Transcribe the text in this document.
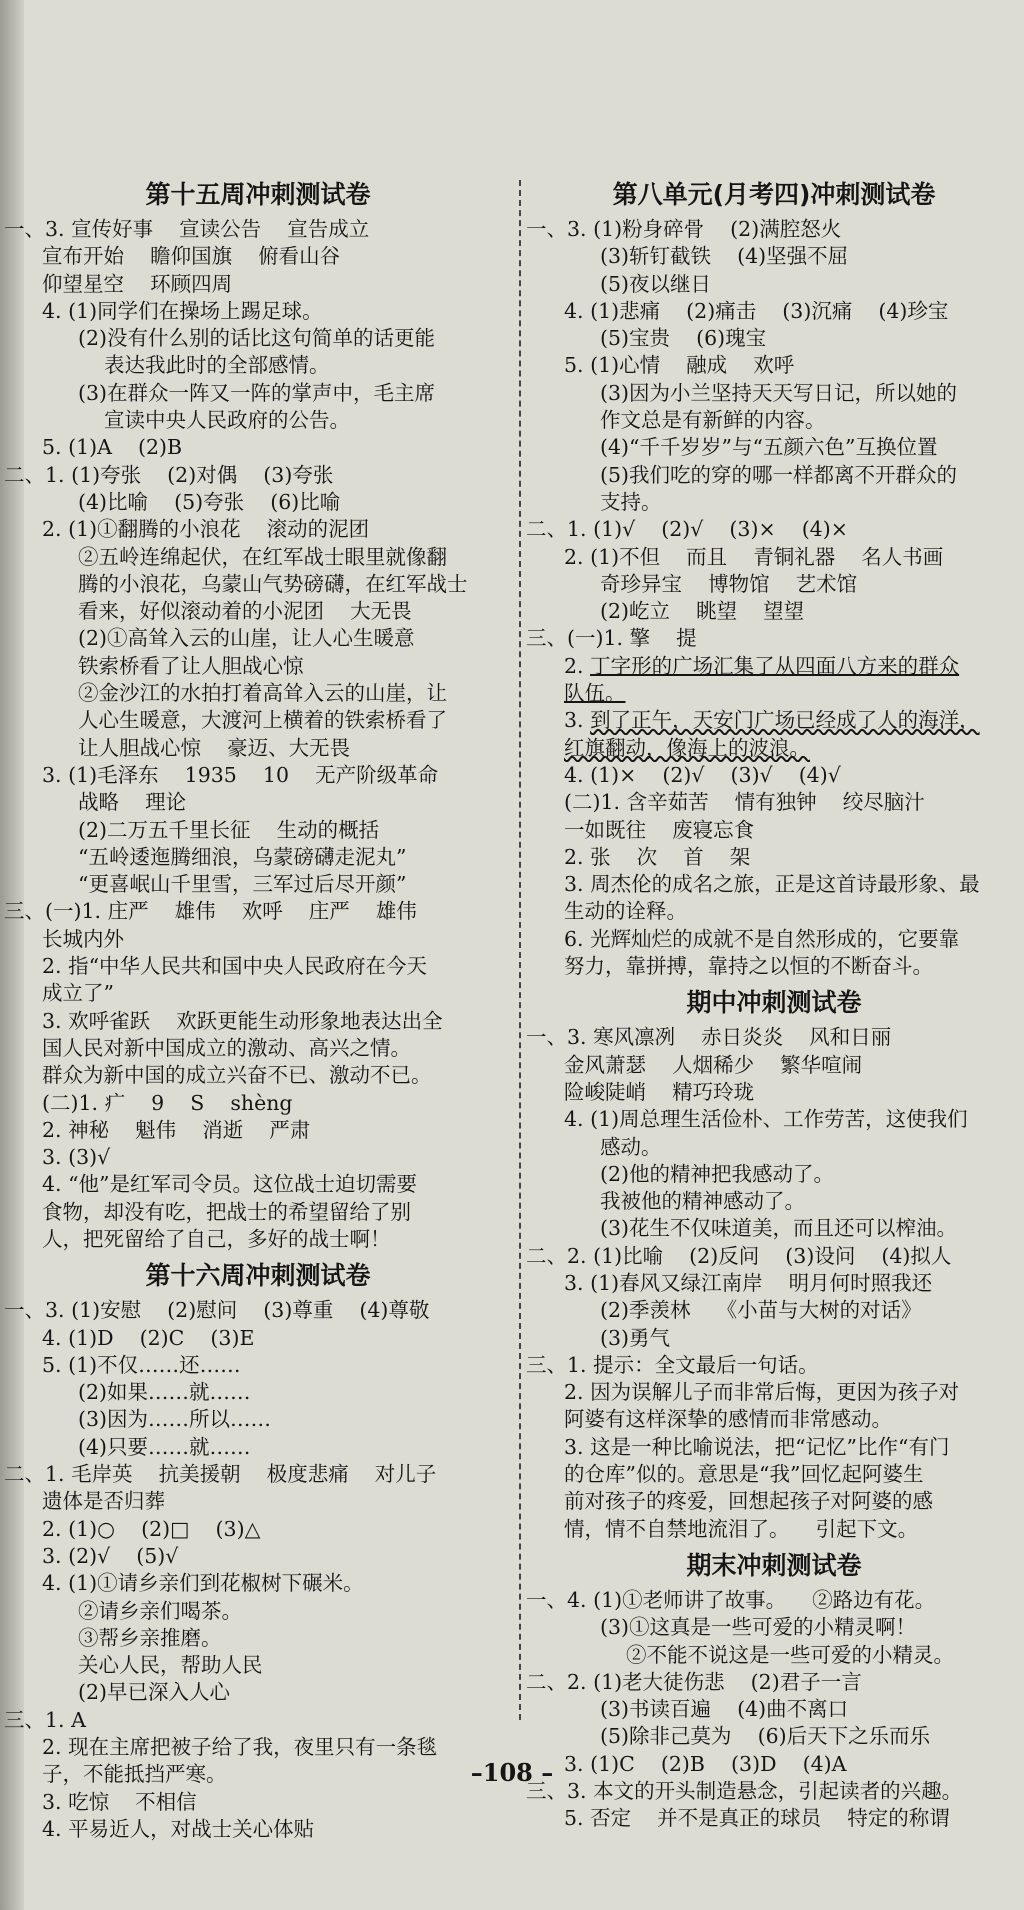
第十五周冲刺测试卷
一、3. 宣传好事    宣读公告    宣告成立
宣布开始    瞻仰国旗    俯看山谷
仰望星空    环顾四周
4. (1)同学们在操场上踢足球。
(2)没有什么别的话比这句简单的话更能
表达我此时的全部感情。
(3)在群众一阵又一阵的掌声中，毛主席
宣读中央人民政府的公告。
5. (1)A    (2)B
二、1. (1)夸张    (2)对偶    (3)夸张
(4)比喻    (5)夸张    (6)比喻
2. (1)①翻腾的小浪花    滚动的泥团
②五岭连绵起伏，在红军战士眼里就像翻
腾的小浪花，乌蒙山气势磅礴，在红军战士
看来，好似滚动着的小泥团    大无畏
(2)①高耸入云的山崖，让人心生暖意
铁索桥看了让人胆战心惊
②金沙江的水拍打着高耸入云的山崖，让
人心生暖意，大渡河上横着的铁索桥看了
让人胆战心惊    豪迈、大无畏
3. (1)毛泽东    1935    10    无产阶级革命
战略    理论
(2)二万五千里长征    生动的概括
“五岭逶迤腾细浪，乌蒙磅礴走泥丸”
“更喜岷山千里雪，三军过后尽开颜”
三、(一)1. 庄严    雄伟    欢呼    庄严    雄伟
长城内外
2. 指“中华人民共和国中央人民政府在今天
成立了”
3. 欢呼雀跃    欢跃更能生动形象地表达出全
国人民对新中国成立的激动、高兴之情。
群众为新中国的成立兴奋不已、激动不已。
(二)1. 疒    9    S    shèng
2. 神秘    魁伟    消逝    严肃
3. (3)√
4. “他”是红军司令员。这位战士迫切需要
食物，却没有吃，把战士的希望留给了别
人，把死留给了自己，多好的战士啊！
第十六周冲刺测试卷
一、3. (1)安慰    (2)慰问    (3)尊重    (4)尊敬
4. (1)D    (2)C    (3)E
5. (1)不仅……还……
(2)如果……就……
(3)因为……所以……
(4)只要……就……
二、1. 毛岸英    抗美援朝    极度悲痛    对儿子
遗体是否归葬
2. (1)○    (2)□    (3)△
3. (2)√    (5)√
4. (1)①请乡亲们到花椒树下碾米。
②请乡亲们喝茶。
③帮乡亲推磨。
关心人民，帮助人民
(2)早已深入人心
三、1. A
2. 现在主席把被子给了我，夜里只有一条毯
子，不能抵挡严寒。
3. 吃惊    不相信
4. 平易近人，对战士关心体贴
第八单元(月考四)冲刺测试卷
一、3. (1)粉身碎骨    (2)满腔怒火
(3)斩钉截铁    (4)坚强不屈
(5)夜以继日
4. (1)悲痛    (2)痛击    (3)沉痛    (4)珍宝
(5)宝贵    (6)瑰宝
5. (1)心情    融成    欢呼
(3)因为小兰坚持天天写日记，所以她的
作文总是有新鲜的内容。
(4)“千千岁岁”与“五颜六色”互换位置
(5)我们吃的穿的哪一样都离不开群众的
支持。
二、1. (1)√    (2)√    (3)×    (4)×
2. (1)不但    而且    青铜礼器    名人书画
奇珍异宝    博物馆    艺术馆
(2)屹立    眺望    望望
三、(一)1. 擎    提
2. 丁字形的广场汇集了从四面八方来的群众
队伍。
3. 到了正午，天安门广场已经成了人的海洋，
红旗翻动，像海上的波浪。
4. (1)×    (2)√    (3)√    (4)√
(二)1. 含辛茹苦    情有独钟    绞尽脑汁
一如既往    废寝忘食
2. 张    次    首    架
3. 周杰伦的成名之旅，正是这首诗最形象、最
生动的诠释。
6. 光辉灿烂的成就不是自然形成的，它要靠
努力，靠拼搏，靠持之以恒的不断奋斗。
期中冲刺测试卷
一、3. 寒风凛冽    赤日炎炎    风和日丽
金风萧瑟    人烟稀少    繁华喧闹
险峻陡峭    精巧玲珑
4. (1)周总理生活俭朴、工作劳苦，这使我们
感动。
(2)他的精神把我感动了。
我被他的精神感动了。
(3)花生不仅味道美，而且还可以榨油。
二、2. (1)比喻    (2)反问    (3)设问    (4)拟人
3. (1)春风又绿江南岸    明月何时照我还
(2)季羡林    《小苗与大树的对话》
(3)勇气
三、1. 提示：全文最后一句话。
2. 因为误解儿子而非常后悔，更因为孩子对
阿婆有这样深挚的感情而非常感动。
3. 这是一种比喻说法，把“记忆”比作“有门
的仓库”似的。意思是“我”回忆起阿婆生
前对孩子的疼爱，回想起孩子对阿婆的感
情，情不自禁地流泪了。    引起下文。
期末冲刺测试卷
一、4. (1)①老师讲了故事。    ②路边有花。
(3)①这真是一些可爱的小精灵啊！
②不能不说这是一些可爱的小精灵。
二、2. (1)老大徒伤悲    (2)君子一言
(3)书读百遍    (4)曲不离口
(5)除非己莫为    (6)后天下之乐而乐
3. (1)C    (2)B    (3)D    (4)A
三、3. 本文的开头制造悬念，引起读者的兴趣。
5. 否定    并不是真正的球员    特定的称谓
–108 –
